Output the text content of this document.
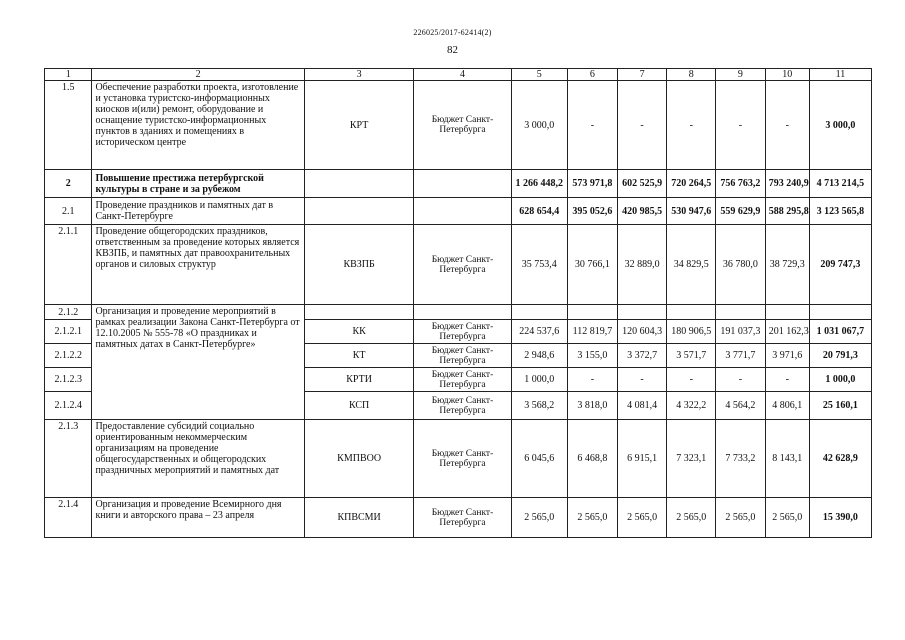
226025/2017-62414(2)
82
1	2	3	4	5	6	7	8	9	10	11
1.5	Обеспечение разработки проекта, изготовление и установка туристско-информационных киосков и(или) ремонт, оборудование и оснащение туристско-информационных пунктов в зданиях и помещениях в историческом центре	КРТ	Бюджет Санкт-Петербурга	3 000,0	-	-	-	-	-	3 000,0
2	Повышение престижа петербургской культуры в стране и за рубежом			1 266 448,2	573 971,8	602 525,9	720 264,5	756 763,2	793 240,9	4 713 214,5
2.1	Проведение праздников и памятных дат в Санкт-Петербурге			628 654,4	395 052,6	420 985,5	530 947,6	559 629,9	588 295,8	3 123 565,8
2.1.1	Проведение общегородских праздников, ответственным за проведение которых является КВЗПБ, и памятных дат правоохранительных органов и силовых структур	КВЗПБ	Бюджет Санкт-Петербурга	35 753,4	30 766,1	32 889,0	34 829,5	36 780,0	38 729,3	209 747,3
2.1.2	Организация и проведение мероприятий в рамках реализации Закона Санкт-Петербурга от 12.10.2005 № 555-78 «О праздниках и памятных датах в Санкт-Петербурге»									
2.1.2.1		КК	Бюджет Санкт-Петербурга	224 537,6	112 819,7	120 604,3	180 906,5	191 037,3	201 162,3	1 031 067,7
2.1.2.2		КТ	Бюджет Санкт-Петербурга	2 948,6	3 155,0	3 372,7	3 571,7	3 771,7	3 971,6	20 791,3
2.1.2.3		КРТИ	Бюджет Санкт-Петербурга	1 000,0	-	-	-	-	-	1 000,0
2.1.2.4		КСП	Бюджет Санкт-Петербурга	3 568,2	3 818,0	4 081,4	4 322,2	4 564,2	4 806,1	25 160,1
2.1.3	Предоставление субсидий социально ориентированным некоммерческим организациям на проведение общегосударственных и общегородских праздничных мероприятий и памятных дат	КМПВОО	Бюджет Санкт-Петербурга	6 045,6	6 468,8	6 915,1	7 323,1	7 733,2	8 143,1	42 628,9
2.1.4	Организация и проведение Всемирного дня книги и авторского права – 23 апреля	КПВСМИ	Бюджет Санкт-Петербурга	2 565,0	2 565,0	2 565,0	2 565,0	2 565,0	2 565,0	15 390,0
